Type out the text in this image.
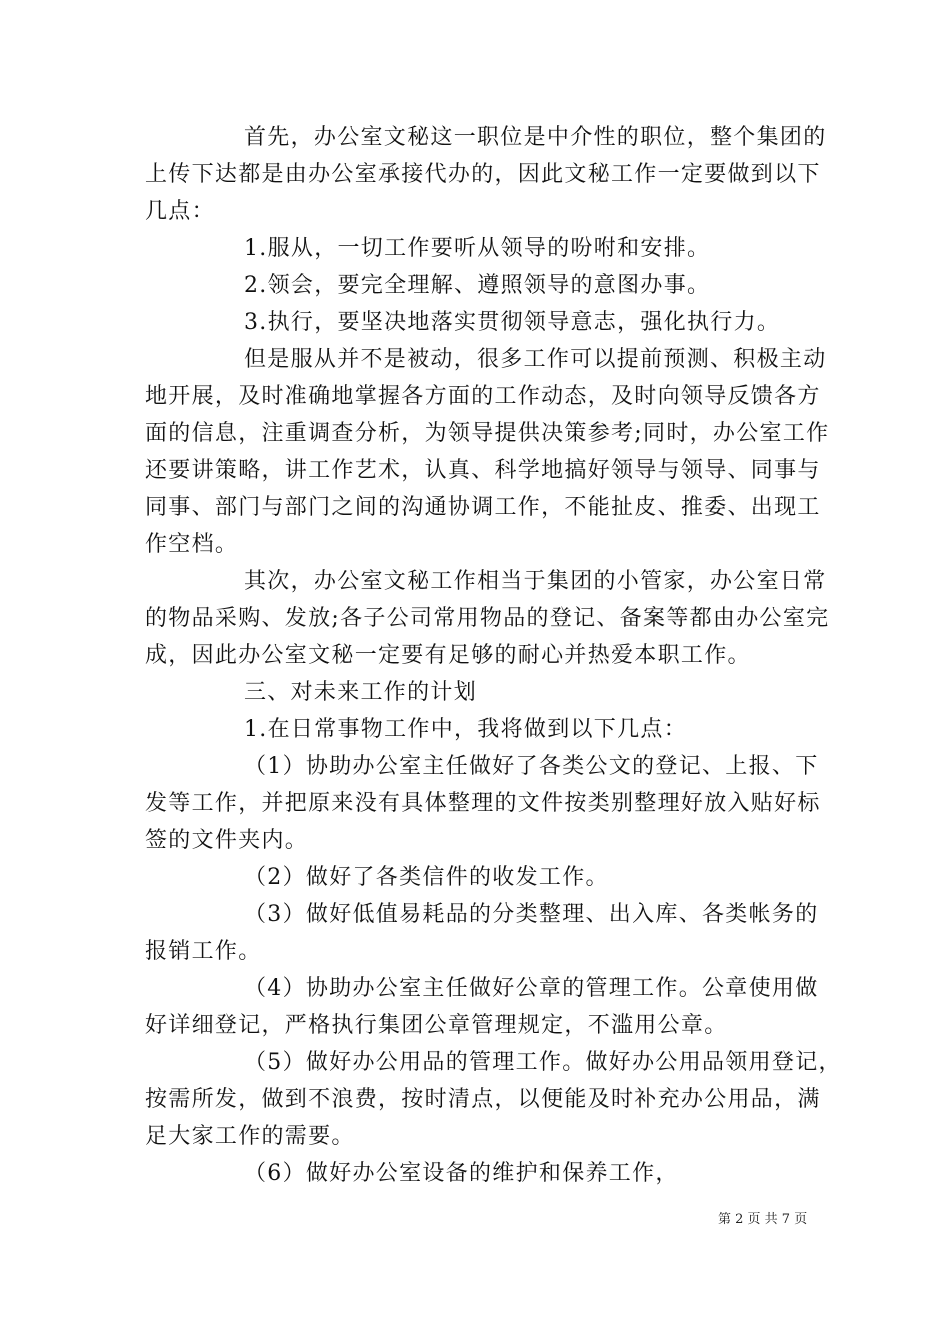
首先，办公室文秘这一职位是中介性的职位，整个集团的
上传下达都是由办公室承接代办的，因此文秘工作一定要做到以下
几点：
1.服从，一切工作要听从领导的吩咐和安排。
2.领会，要完全理解、遵照领导的意图办事。
3.执行，要坚决地落实贯彻领导意志，强化执行力。
但是服从并不是被动，很多工作可以提前预测、积极主动
地开展，及时准确地掌握各方面的工作动态，及时向领导反馈各方
面的信息，注重调查分析，为领导提供决策参考;同时，办公室工作
还要讲策略，讲工作艺术，认真、科学地搞好领导与领导、同事与
同事、部门与部门之间的沟通协调工作，不能扯皮、推委、出现工
作空档。
其次，办公室文秘工作相当于集团的小管家，办公室日常
的物品采购、发放;各子公司常用物品的登记、备案等都由办公室完
成，因此办公室文秘一定要有足够的耐心并热爱本职工作。
三、对未来工作的计划
1.在日常事物工作中，我将做到以下几点：
（1）协助办公室主任做好了各类公文的登记、上报、下
发等工作，并把原来没有具体整理的文件按类别整理好放入贴好标
签的文件夹内。
（2）做好了各类信件的收发工作。
（3）做好低值易耗品的分类整理、出入库、各类帐务的
报销工作。
（4）协助办公室主任做好公章的管理工作。公章使用做
好详细登记，严格执行集团公章管理规定，不滥用公章。
（5）做好办公用品的管理工作。做好办公用品领用登记，
按需所发，做到不浪费，按时清点，以便能及时补充办公用品，满
足大家工作的需要。
（6）做好办公室设备的维护和保养工作，
第 2 页 共 7 页
